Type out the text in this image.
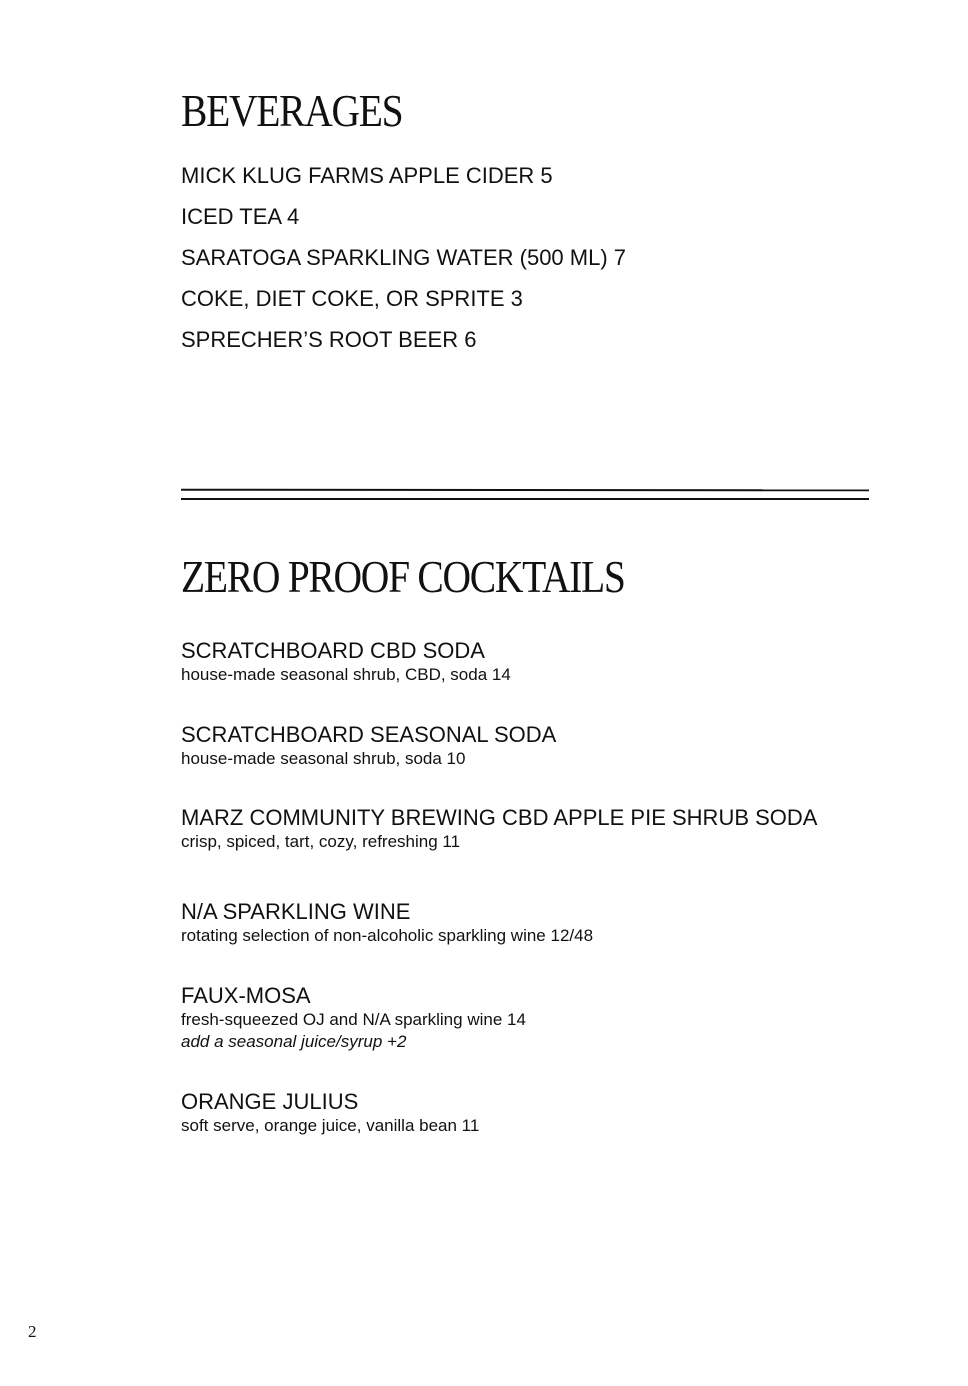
BEVERAGES
MICK KLUG FARMS APPLE CIDER 5
ICED TEA 4
SARATOGA SPARKLING WATER (500 ML) 7
COKE, DIET COKE, OR SPRITE 3
SPRECHER’S ROOT BEER 6
ZERO PROOF COCKTAILS
SCRATCHBOARD CBD SODA
house-made seasonal shrub, CBD, soda 14
SCRATCHBOARD SEASONAL SODA
house-made seasonal shrub, soda 10
MARZ COMMUNITY BREWING CBD APPLE PIE SHRUB SODA
crisp, spiced, tart, cozy, refreshing 11
N/A SPARKLING WINE
rotating selection of non-alcoholic sparkling wine 12/48
FAUX-MOSA
fresh-squeezed OJ and N/A sparkling wine 14
add a seasonal juice/syrup +2
ORANGE JULIUS
soft serve, orange juice, vanilla bean 11
2
